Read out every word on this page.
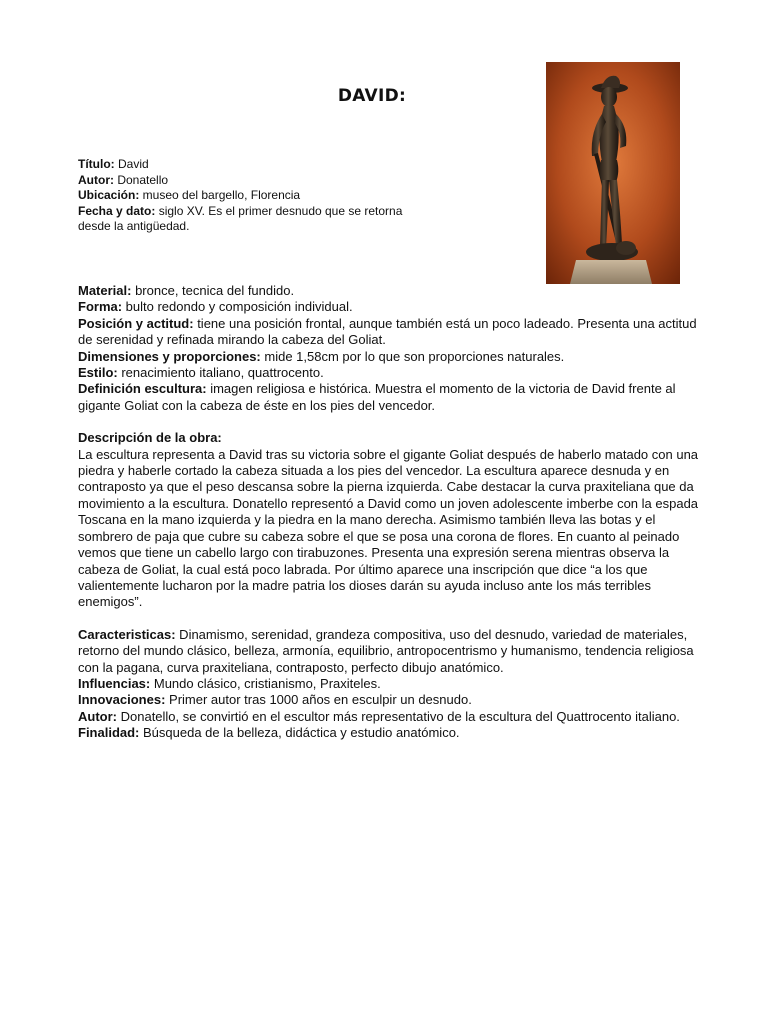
DAVID:

Título: David

Autor: Donatello

Ubicación: museo del bargello, Florencia

Fecha y dato: siglo XV. Es el primer desnudo que se retorna desde la antigüedad.

Material: bronce, tecnica del fundido.

Forma: bulto redondo y composición individual.

Posición y actitud: tiene una posición frontal, aunque también está un poco ladeado. Presenta una actitud de serenidad y refinada mirando la cabeza del Goliat.

Dimensiones y proporciones: mide 1,58cm por lo que son proporciones naturales.

Estilo: renacimiento italiano, quattrocento.

Definición escultura: imagen religiosa e histórica. Muestra el momento de la victoria de David frente al gigante Goliat con la cabeza de éste en los pies del vencedor.

Descripción de la obra:

La escultura representa a David tras su victoria sobre el gigante Goliat después de haberlo matado con una piedra y haberle cortado la cabeza situada a los pies del vencedor. La escultura aparece desnuda y en contraposto ya que el peso descansa sobre la pierna izquierda. Cabe destacar la curva praxiteliana que da movimiento a la escultura. Donatello representó a David como un joven adolescente imberbe con la espada Toscana en la mano izquierda y la piedra en la mano derecha. Asimismo también lleva las botas y el sombrero de paja que cubre su cabeza sobre el que se posa una corona de flores. En cuanto al peinado vemos que tiene un cabello largo con tirabuzones. Presenta una expresión serena mientras observa la cabeza de Goliat, la cual está poco labrada. Por último aparece una inscripción que dice “a los que valientemente lucharon por la madre patria los dioses darán su ayuda incluso ante los más terribles enemigos”.

Caracteristicas: Dinamismo, serenidad, grandeza compositiva, uso del desnudo, variedad de materiales, retorno del mundo clásico, belleza, armonía, equilibrio, antropocentrismo y humanismo, tendencia religiosa con la pagana, curva praxiteliana, contraposto, perfecto dibujo anatómico.

Influencias: Mundo clásico, cristianismo, Praxiteles.

Innovaciones: Primer autor tras 1000 años en esculpir un desnudo.

Autor: Donatello, se convirtió en el escultor más representativo de la escultura del Quattrocento italiano.

Finalidad: Búsqueda de la belleza, didáctica y estudio anatómico.
